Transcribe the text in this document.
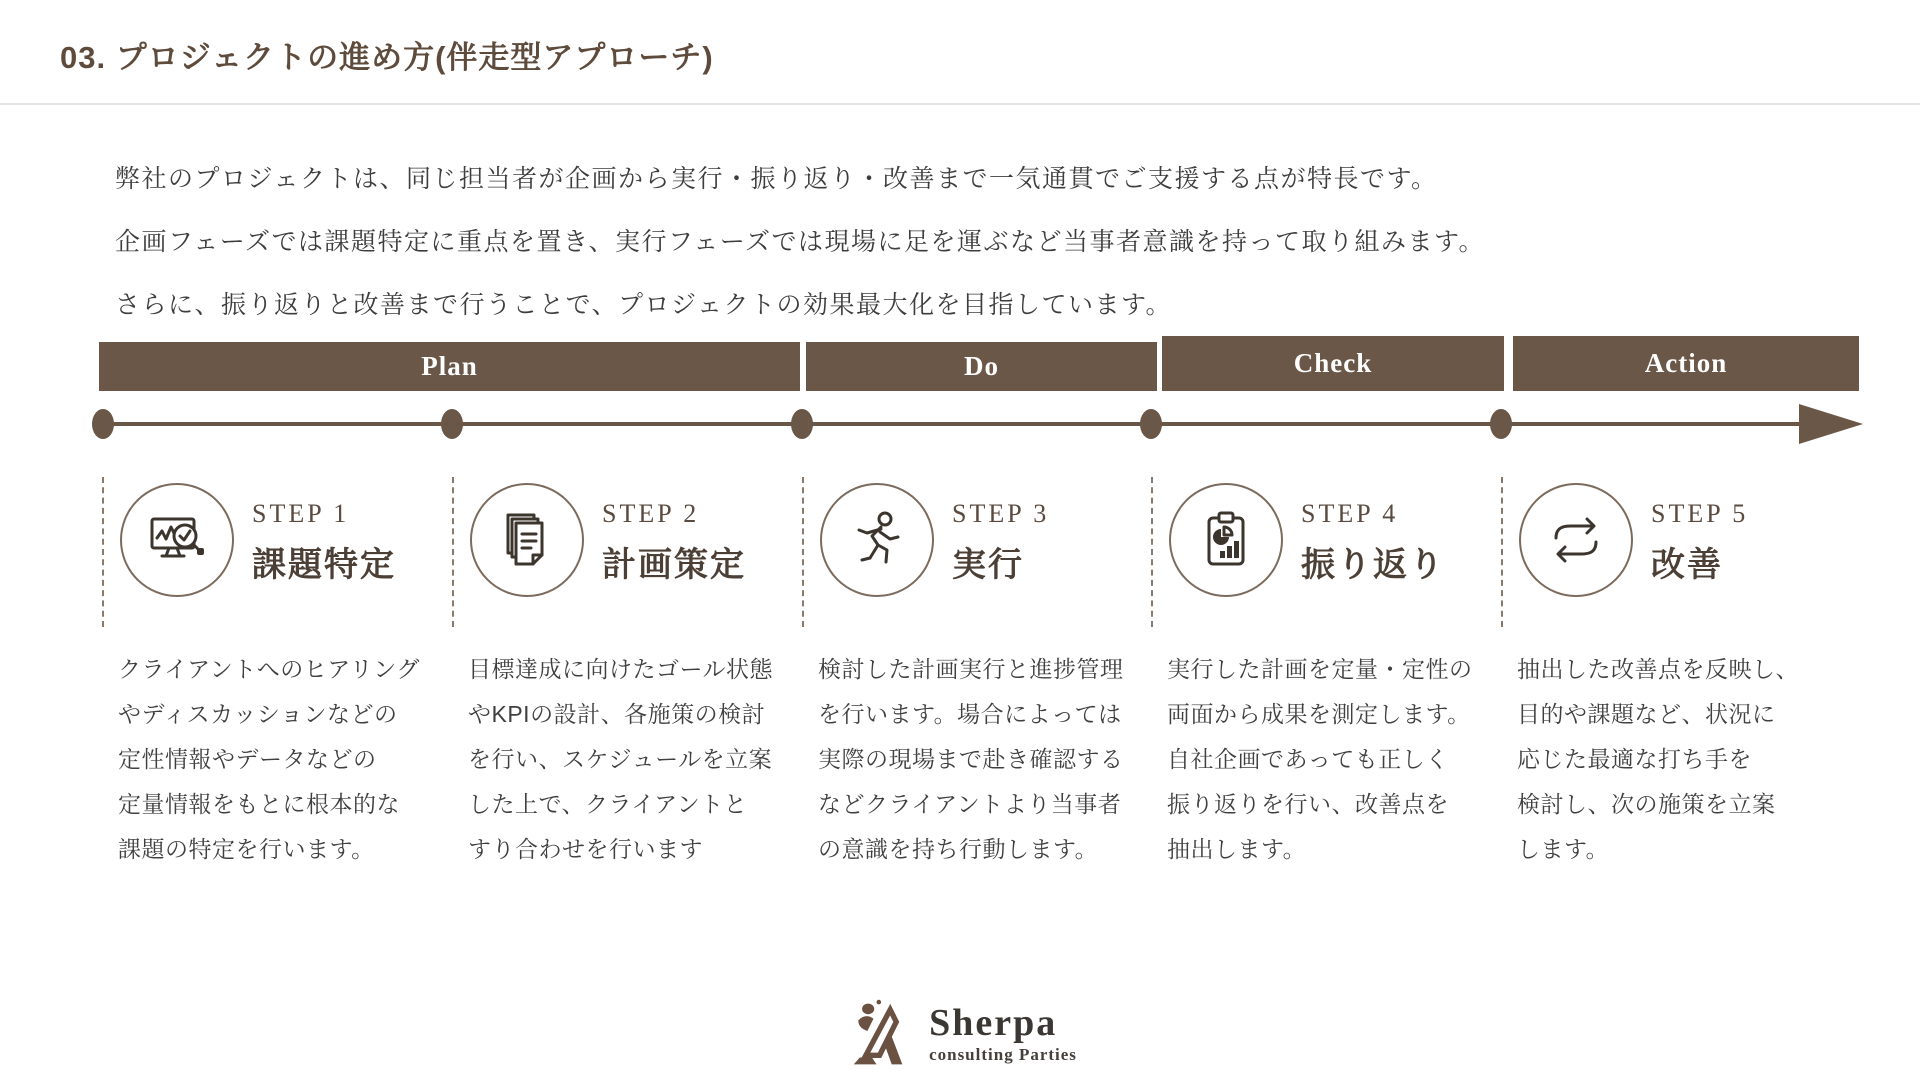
03. プロジェクトの進め方(伴走型アプローチ)
弊社のプロジェクトは、同じ担当者が企画から実行・振り返り・改善まで一気通貫でご支援する点が特長です。
企画フェーズでは課題特定に重点を置き、実行フェーズでは現場に足を運ぶなど当事者意識を持って取り組みます。
さらに、振り返りと改善まで行うことで、プロジェクトの効果最大化を目指しています。
Plan	Do	Check	Action
STEP 1
課題特定
クライアントへのヒアリング
やディスカッションなどの
定性情報やデータなどの
定量情報をもとに根本的な
課題の特定を行います。
STEP 2
計画策定
目標達成に向けたゴール状態
やKPIの設計、各施策の検討
を行い、スケジュールを立案
した上で、クライアントと
すり合わせを行います
STEP 3
実行
検討した計画実行と進捗管理
を行います。場合によっては
実際の現場まで赴き確認する
などクライアントより当事者
の意識を持ち行動します。
STEP 4
振り返り
実行した計画を定量・定性の
両面から成果を測定します。
自社企画であっても正しく
振り返りを行い、改善点を
抽出します。
STEP 5
改善
抽出した改善点を反映し、
目的や課題など、状況に
応じた最適な打ち手を
検討し、次の施策を立案
します。
Sherpa
consulting Parties
